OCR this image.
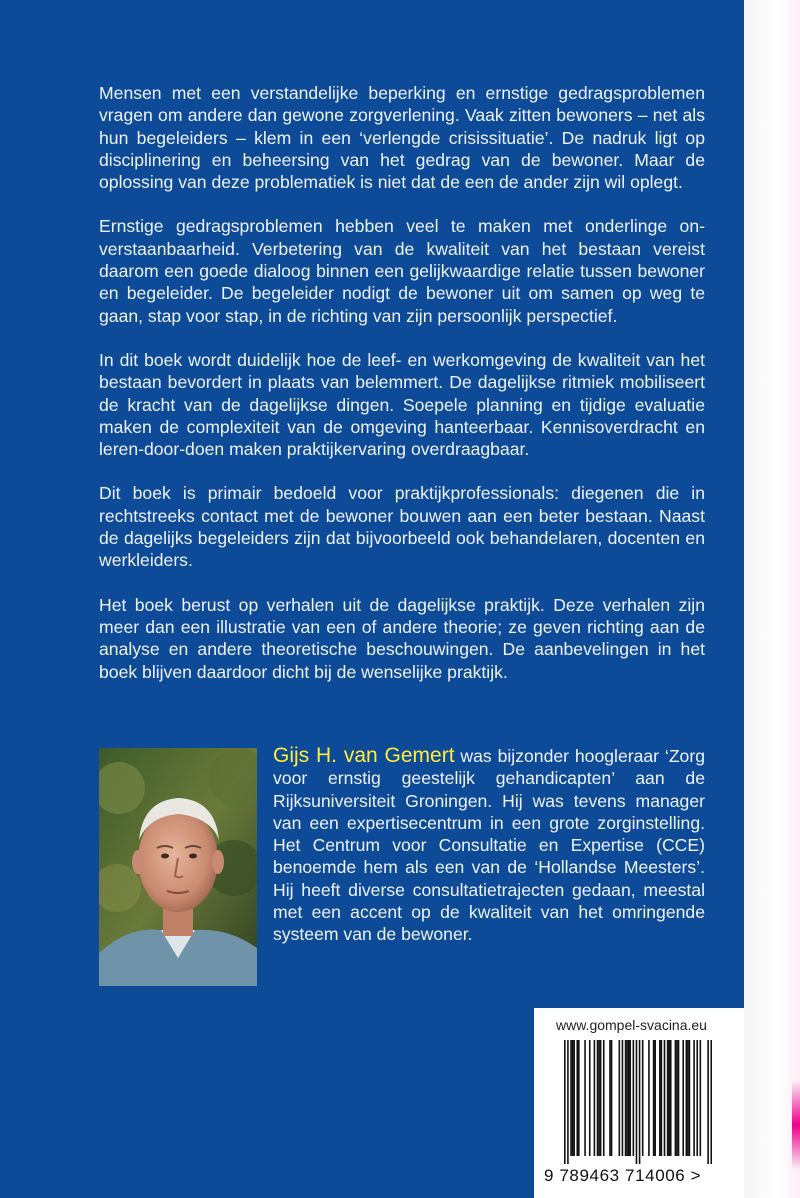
Mensen met een verstandelijke beperking en ernstige gedragsproblemen vragen om andere dan gewone zorgverlening. Vaak zitten bewoners – net als hun begeleiders – klem in een ‘verlengde crisissituatie’. De nadruk ligt op disciplinering en beheersing van het gedrag van de bewoner. Maar de oplossing van deze problematiek is niet dat de een de ander zijn wil oplegt.

Ernstige gedragsproblemen hebben veel te maken met onderlinge onverstaanbaarheid. Verbetering van de kwaliteit van het bestaan vereist daarom een goede dialoog binnen een gelijkwaardige relatie tussen bewoner en begeleider. De begeleider nodigt de bewoner uit om samen op weg te gaan, stap voor stap, in de richting van zijn persoonlijk perspectief.

In dit boek wordt duidelijk hoe de leef- en werkomgeving de kwaliteit van het bestaan bevordert in plaats van belemmert. De dagelijkse ritmiek mobiliseert de kracht van de dagelijkse dingen. Soepele planning en tijdige evaluatie maken de complexiteit van de omgeving hanteerbaar. Kennisoverdracht en leren-door-doen maken praktijkervaring overdraagbaar.

Dit boek is primair bedoeld voor praktijkprofessionals: diegenen die in rechtstreeks contact met de bewoner bouwen aan een beter bestaan. Naast de dagelijks begeleiders zijn dat bijvoorbeeld ook behandelaren, docenten en werkleiders.

Het boek berust op verhalen uit de dagelijkse praktijk. Deze verhalen zijn meer dan een illustratie van een of andere theorie; ze geven richting aan de analyse en andere theoretische beschouwingen. De aanbevelingen in het boek blijven daardoor dicht bij de wenselijke praktijk.

Gijs H. van Gemert was bijzonder hoogleraar ‘Zorg voor ernstig geestelijk gehandicapten’ aan de Rijksuniversiteit Groningen. Hij was tevens manager van een expertisecentrum in een grote zorginstelling. Het Centrum voor Consultatie en Expertise (CCE) benoemde hem als een van de ‘Hollandse Meesters’. Hij heeft diverse consultatietrajecten gedaan, meestal met een accent op de kwaliteit van het omringende systeem van de bewoner.
www.gompel-svacina.eu
9 789463 714006 >
